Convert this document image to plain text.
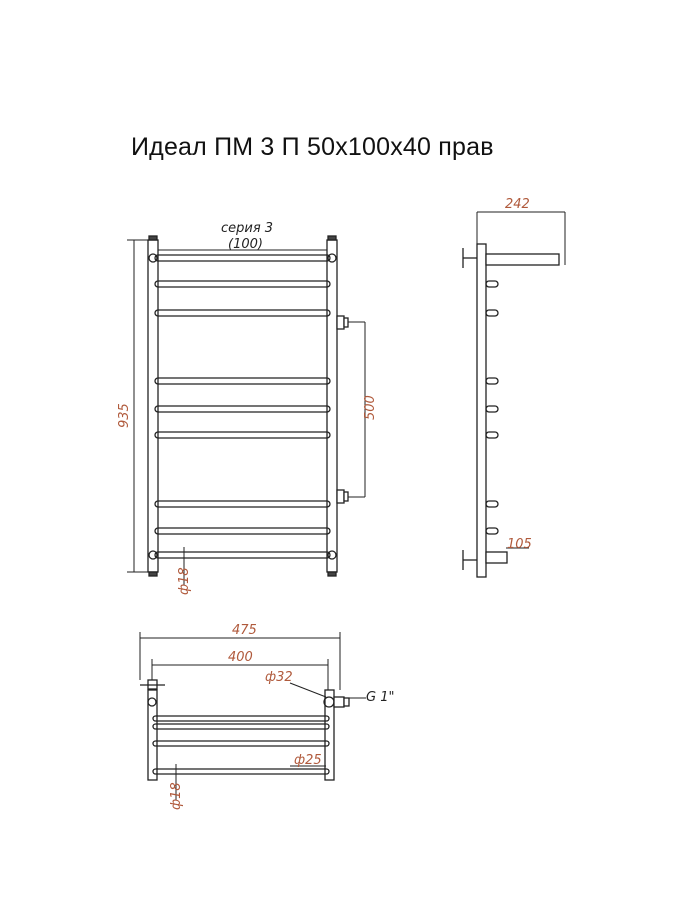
Идеал ПМ 3 П 50х100х40 прав
серия 3
(100)
935	500
ф18
242
105
475
400
ф32
G 1"
ф25
ф18
